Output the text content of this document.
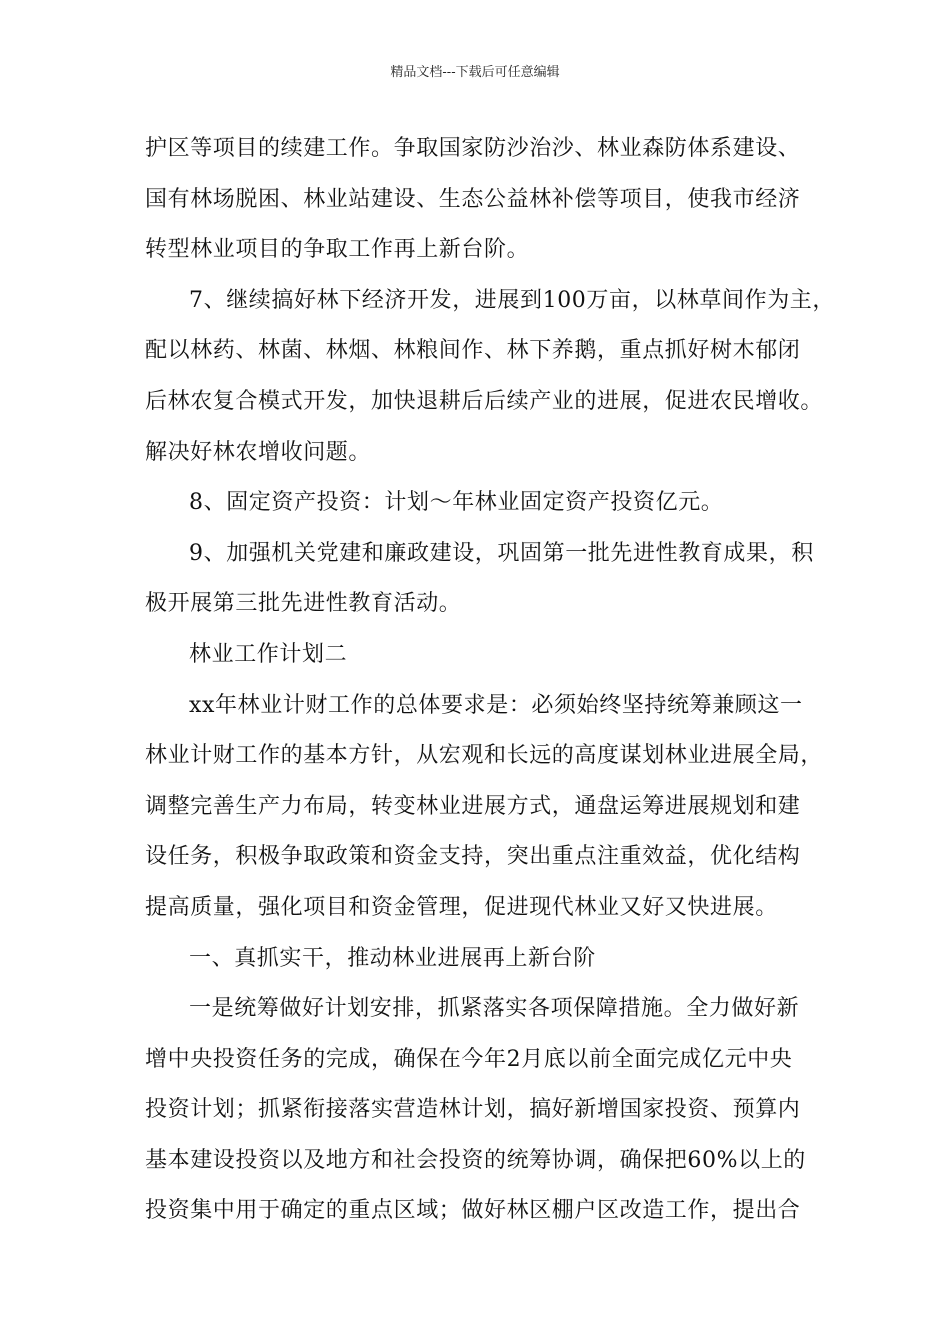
精品文档---下载后可任意编辑

护区等项目的续建工作。争取国家防沙治沙、林业森防体系建设、

国有林场脱困、林业站建设、生态公益林补偿等项目，使我市经济

转型林业项目的争取工作再上新台阶。

7、继续搞好林下经济开发，进展到100万亩，以林草间作为主，

配以林药、林菌、林烟、林粮间作、林下养鹅，重点抓好树木郁闭

后林农复合模式开发，加快退耕后后续产业的进展，促进农民增收。

解决好林农增收问题。

8、固定资产投资：计划～年林业固定资产投资亿元。

9、加强机关党建和廉政建设，巩固第一批先进性教育成果，积

极开展第三批先进性教育活动。

林业工作计划二

xx年林业计财工作的总体要求是：必须始终坚持统筹兼顾这一

林业计财工作的基本方针，从宏观和长远的高度谋划林业进展全局，

调整完善生产力布局，转变林业进展方式，通盘运筹进展规划和建

设任务，积极争取政策和资金支持，突出重点注重效益，优化结构

提高质量，强化项目和资金管理，促进现代林业又好又快进展。

一、真抓实干，推动林业进展再上新台阶

一是统筹做好计划安排，抓紧落实各项保障措施。全力做好新

增中央投资任务的完成，确保在今年2月底以前全面完成亿元中央

投资计划；抓紧衔接落实营造林计划，搞好新增国家投资、预算内

基本建设投资以及地方和社会投资的统筹协调，确保把60%以上的

投资集中用于确定的重点区域；做好林区棚户区改造工作，提出合
